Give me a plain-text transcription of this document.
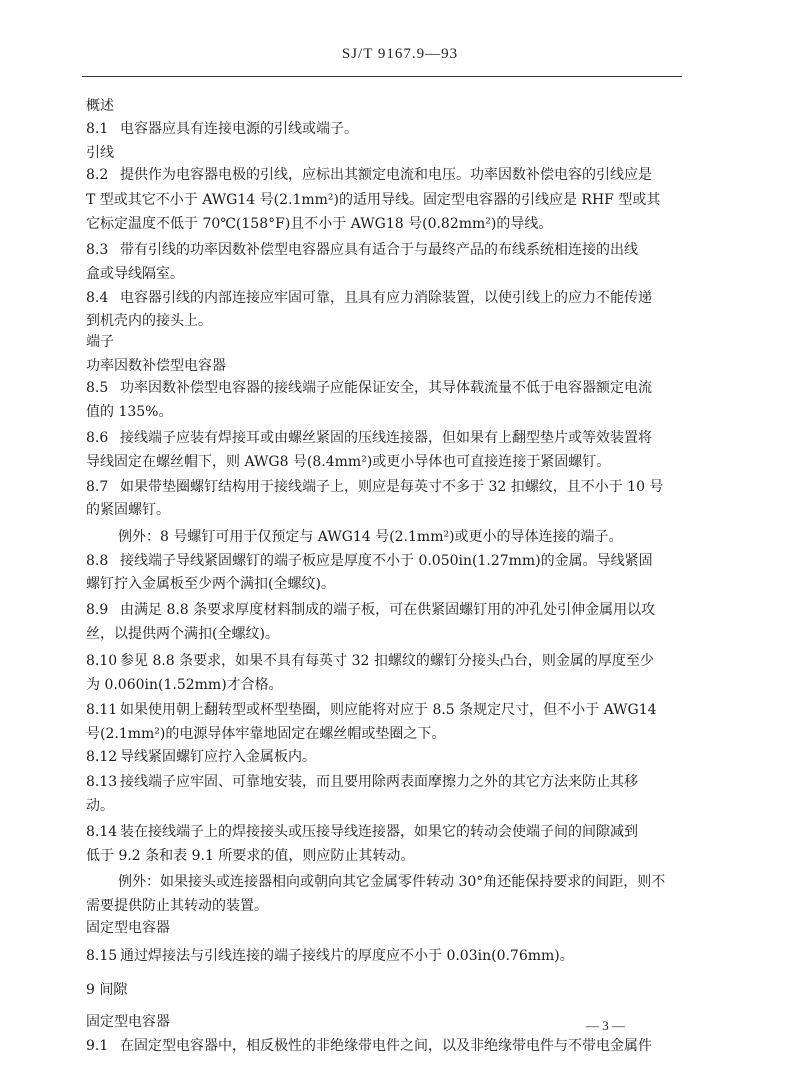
SJ/T 9167.9—93
概述
8.1 电容器应具有连接电源的引线或端子。
引线
8.2 提供作为电容器电极的引线，应标出其额定电流和电压。功率因数补偿电容的引线应是
T 型或其它不小于 AWG14 号(2.1mm²)的适用导线。固定型电容器的引线应是 RHF 型或其
它标定温度不低于 70℃(158°F)且不小于 AWG18 号(0.82mm²)的导线。
8.3 带有引线的功率因数补偿型电容器应具有适合于与最终产品的布线系统相连接的出线
盒或导线隔室。
8.4 电容器引线的内部连接应牢固可靠，且具有应力消除装置，以使引线上的应力不能传递
到机壳内的接头上。
端子
功率因数补偿型电容器
8.5 功率因数补偿型电容器的接线端子应能保证安全，其导体载流量不低于电容器额定电流
值的 135%。
8.6 接线端子应装有焊接耳或由螺丝紧固的压线连接器，但如果有上翻型垫片或等效装置将
导线固定在螺丝帽下，则 AWG8 号(8.4mm²)或更小导体也可直接连接于紧固螺钉。
8.7 如果带垫圈螺钉结构用于接线端子上，则应是每英寸不多于 32 扣螺纹，且不小于 10 号
的紧固螺钉。
例外：8 号螺钉可用于仅预定与 AWG14 号(2.1mm²)或更小的导体连接的端子。
8.8 接线端子导线紧固螺钉的端子板应是厚度不小于 0.050in(1.27mm)的金属。导线紧固
螺钉拧入金属板至少两个满扣(全螺纹)。
8.9 由满足 8.8 条要求厚度材料制成的端子板，可在供紧固螺钉用的冲孔处引伸金属用以攻
丝，以提供两个满扣(全螺纹)。
8.10 参见 8.8 条要求，如果不具有每英寸 32 扣螺纹的螺钉分接头凸台，则金属的厚度至少
为 0.060in(1.52mm)才合格。
8.11 如果使用朝上翻转型或杯型垫圈，则应能将对应于 8.5 条规定尺寸，但不小于 AWG14
号(2.1mm²)的电源导体牢靠地固定在螺丝帽或垫圈之下。
8.12 导线紧固螺钉应拧入金属板内。
8.13 接线端子应牢固、可靠地安装，而且要用除两表面摩擦力之外的其它方法来防止其移
动。
8.14 装在接线端子上的焊接接头或压接导线连接器，如果它的转动会使端子间的间隙减到
低于 9.2 条和表 9.1 所要求的值，则应防止其转动。
例外：如果接头或连接器相向或朝向其它金属零件转动 30°角还能保持要求的间距，则不
需要提供防止其转动的装置。
固定型电容器
8.15 通过焊接法与引线连接的端子接线片的厚度应不小于 0.03in(0.76mm)。
9 间隙
固定型电容器
9.1 在固定型电容器中，相反极性的非绝缘带电件之间，以及非绝缘带电件与不带电金属件
— 3 —
